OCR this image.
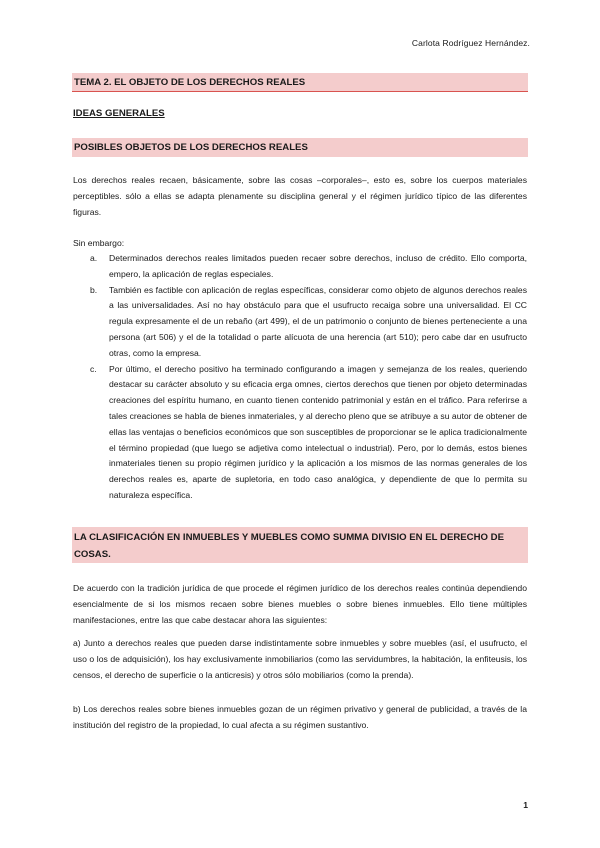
Carlota Rodríguez Hernández.
TEMA 2. EL OBJETO DE LOS DERECHOS REALES
IDEAS GENERALES
POSIBLES OBJETOS DE LOS DERECHOS REALES

Los derechos reales recaen, básicamente, sobre las cosas –corporales–, esto es, sobre los cuerpos materiales perceptibles. sólo a ellas se adapta plenamente su disciplina general y el régimen jurídico típico de las diferentes figuras.

Sin embargo:

a. Determinados derechos reales limitados pueden recaer sobre derechos, incluso de crédito. Ello comporta, empero, la aplicación de reglas especiales.
b. También es factible con aplicación de reglas específicas, considerar como objeto de algunos derechos reales a las universalidades. Así no hay obstáculo para que el usufructo recaiga sobre una universalidad. El CC regula expresamente el de un rebaño (art 499), el de un patrimonio o conjunto de bienes perteneciente a una persona (art 506) y el de la totalidad o parte alícuota de una herencia (art 510); pero cabe dar en usufructo otras, como la empresa.
c. Por último, el derecho positivo ha terminado configurando a imagen y semejanza de los reales, queriendo destacar su carácter absoluto y su eficacia erga omnes, ciertos derechos que tienen por objeto determinadas creaciones del espíritu humano, en cuanto tienen contenido patrimonial y están en el tráfico. Para referirse a tales creaciones se habla de bienes inmateriales, y al derecho pleno que se atribuye a su autor de obtener de ellas las ventajas o beneficios económicos que son susceptibles de proporcionar se le aplica tradicionalmente el término propiedad (que luego se adjetiva como intelectual o industrial). Pero, por lo demás, estos bienes inmateriales tienen su propio régimen jurídico y la aplicación a los mismos de las normas generales de los derechos reales es, aparte de supletoria, en todo caso analógica, y dependiente de que lo permita su naturaleza específica.
LA CLASIFICACIÓN EN INMUEBLES Y MUEBLES COMO SUMMA DIVISIO EN EL DERECHO DE COSAS.

De acuerdo con la tradición jurídica de que procede el régimen jurídico de los derechos reales continúa dependiendo esencialmente de si los mismos recaen sobre bienes muebles o sobre bienes inmuebles. Ello tiene múltiples manifestaciones, entre las que cabe destacar ahora las siguientes:

a) Junto a derechos reales que pueden darse indistintamente sobre inmuebles y sobre muebles (así, el usufructo, el uso o los de adquisición), los hay exclusivamente inmobiliarios (como las servidumbres, la habitación, la enfiteusis, los censos, el derecho de superficie o la anticresis) y otros sólo mobiliarios (como la prenda).

b) Los derechos reales sobre bienes inmuebles gozan de un régimen privativo y general de publicidad, a través de la institución del registro de la propiedad, lo cual afecta a su régimen sustantivo.

1
